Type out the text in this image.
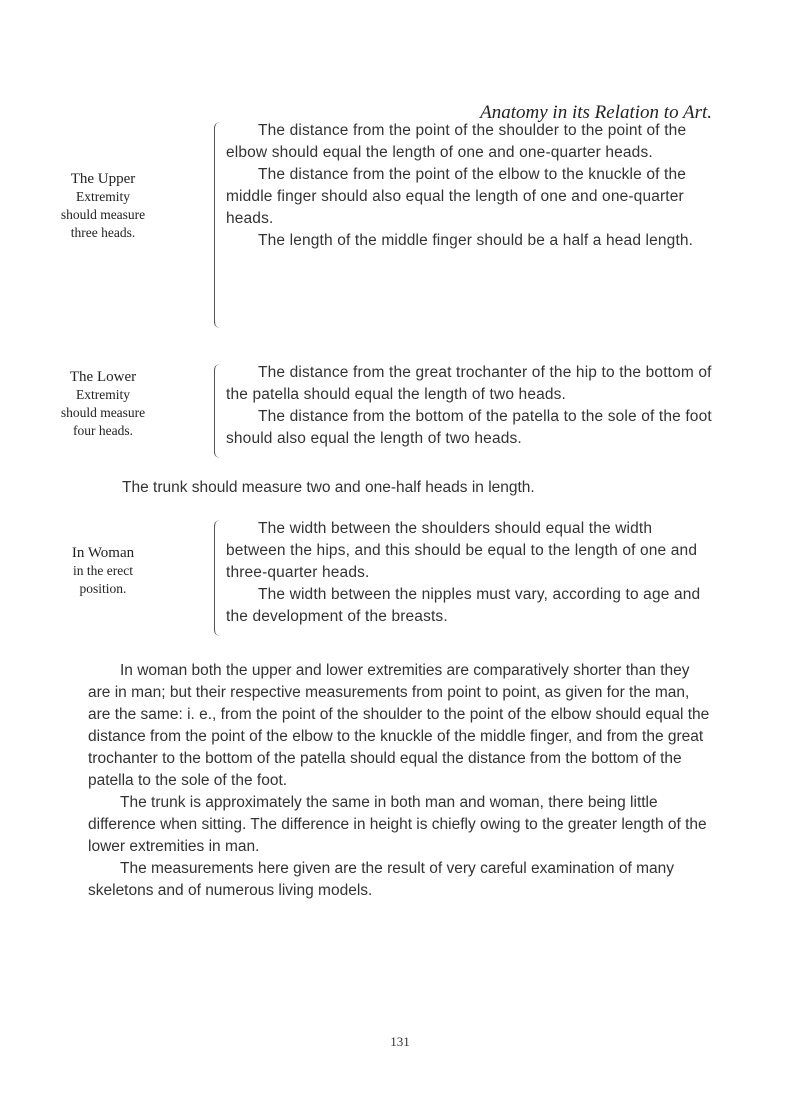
Anatomy in its Relation to Art.
The Upper
Extremity
should measure
three heads.

The distance from the point of the shoulder to the point of the elbow should equal the length of one and one-quarter heads.

The distance from the point of the elbow to the knuckle of the middle finger should also equal the length of one and one-quarter heads.

The length of the middle finger should be a half a head length.

The Lower
Extremity
should measure
four heads.

The distance from the great trochanter of the hip to the bottom of the patella should equal the length of two heads.

The distance from the bottom of the patella to the sole of the foot should also equal the length of two heads.

The trunk should measure two and one-half heads in length.
In Woman
in the erect
position.

The width between the shoulders should equal the width between the hips, and this should be equal to the length of one and three-quarter heads.

The width between the nipples must vary, according to age and the development of the breasts.

In woman both the upper and lower extremities are comparatively shorter than they are in man; but their respective measurements from point to point, as given for the man, are the same: i. e., from the point of the shoulder to the point of the elbow should equal the distance from the point of the elbow to the knuckle of the middle finger, and from the great trochanter to the bottom of the patella should equal the distance from the bottom of the patella to the sole of the foot.

The trunk is approximately the same in both man and woman, there being little difference when sitting. The difference in height is chiefly owing to the greater length of the lower extremities in man.

The measurements here given are the result of very careful examination of many skeletons and of numerous living models.

131
